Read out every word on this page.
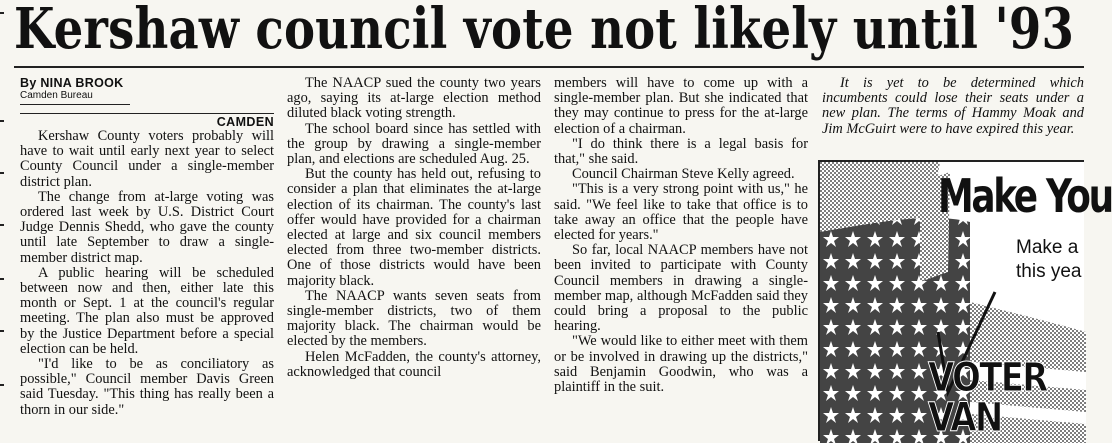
Kershaw council vote not likely until '93
By NINA BROOK
Camden Bureau
CAMDEN

Kershaw County voters probably will have to wait until early next year to select County Council under a single-member district plan.

The change from at-large voting was ordered last week by U.S. District Court Judge Dennis Shedd, who gave the county until late September to draw a single-member district map.

A public hearing will be scheduled between now and then, either late this month or Sept. 1 at the council's regular meeting. The plan also must be approved by the Justice Department before a special election can be held.

"I'd like to be as conciliatory as possible," Council member Davis Green said Tuesday. "This thing has really been a thorn in our side."

The NAACP sued the county two years ago, saying its at-large election method diluted black voting strength.

The school board since has settled with the group by drawing a single-member plan, and elections are scheduled Aug. 25.

But the county has held out, refusing to consider a plan that eliminates the at-large election of its chairman. The county's last offer would have provided for a chairman elected at large and six council members elected from three two-member districts. One of those districts would have been majority black.

The NAACP wants seven seats from single-member districts, two of them majority black. The chairman would be elected by the members.

Helen McFadden, the county's attorney, acknowledged that council

members will have to come up with a single-member plan. But she indicated that they may continue to press for the at-large election of a chairman.

"I do think there is a legal basis for that," she said.

Council Chairman Steve Kelly agreed.

"This is a very strong point with us," he said. "We feel like to take that office is to take away an office that the people have elected for years."

So far, local NAACP members have not been invited to participate with County Council members in drawing a single-member map, although McFadden said they could bring a proposal to the public hearing.

"We would like to either meet with them or be involved in drawing up the districts," said Benjamin Goodwin, who was a plaintiff in the suit.

It is yet to be determined which incumbents could lose their seats under a new plan. The terms of Hammy Moak and Jim McGuirt were to have expired this year.

Make You
Make a
this yea
VOTER
VAN
